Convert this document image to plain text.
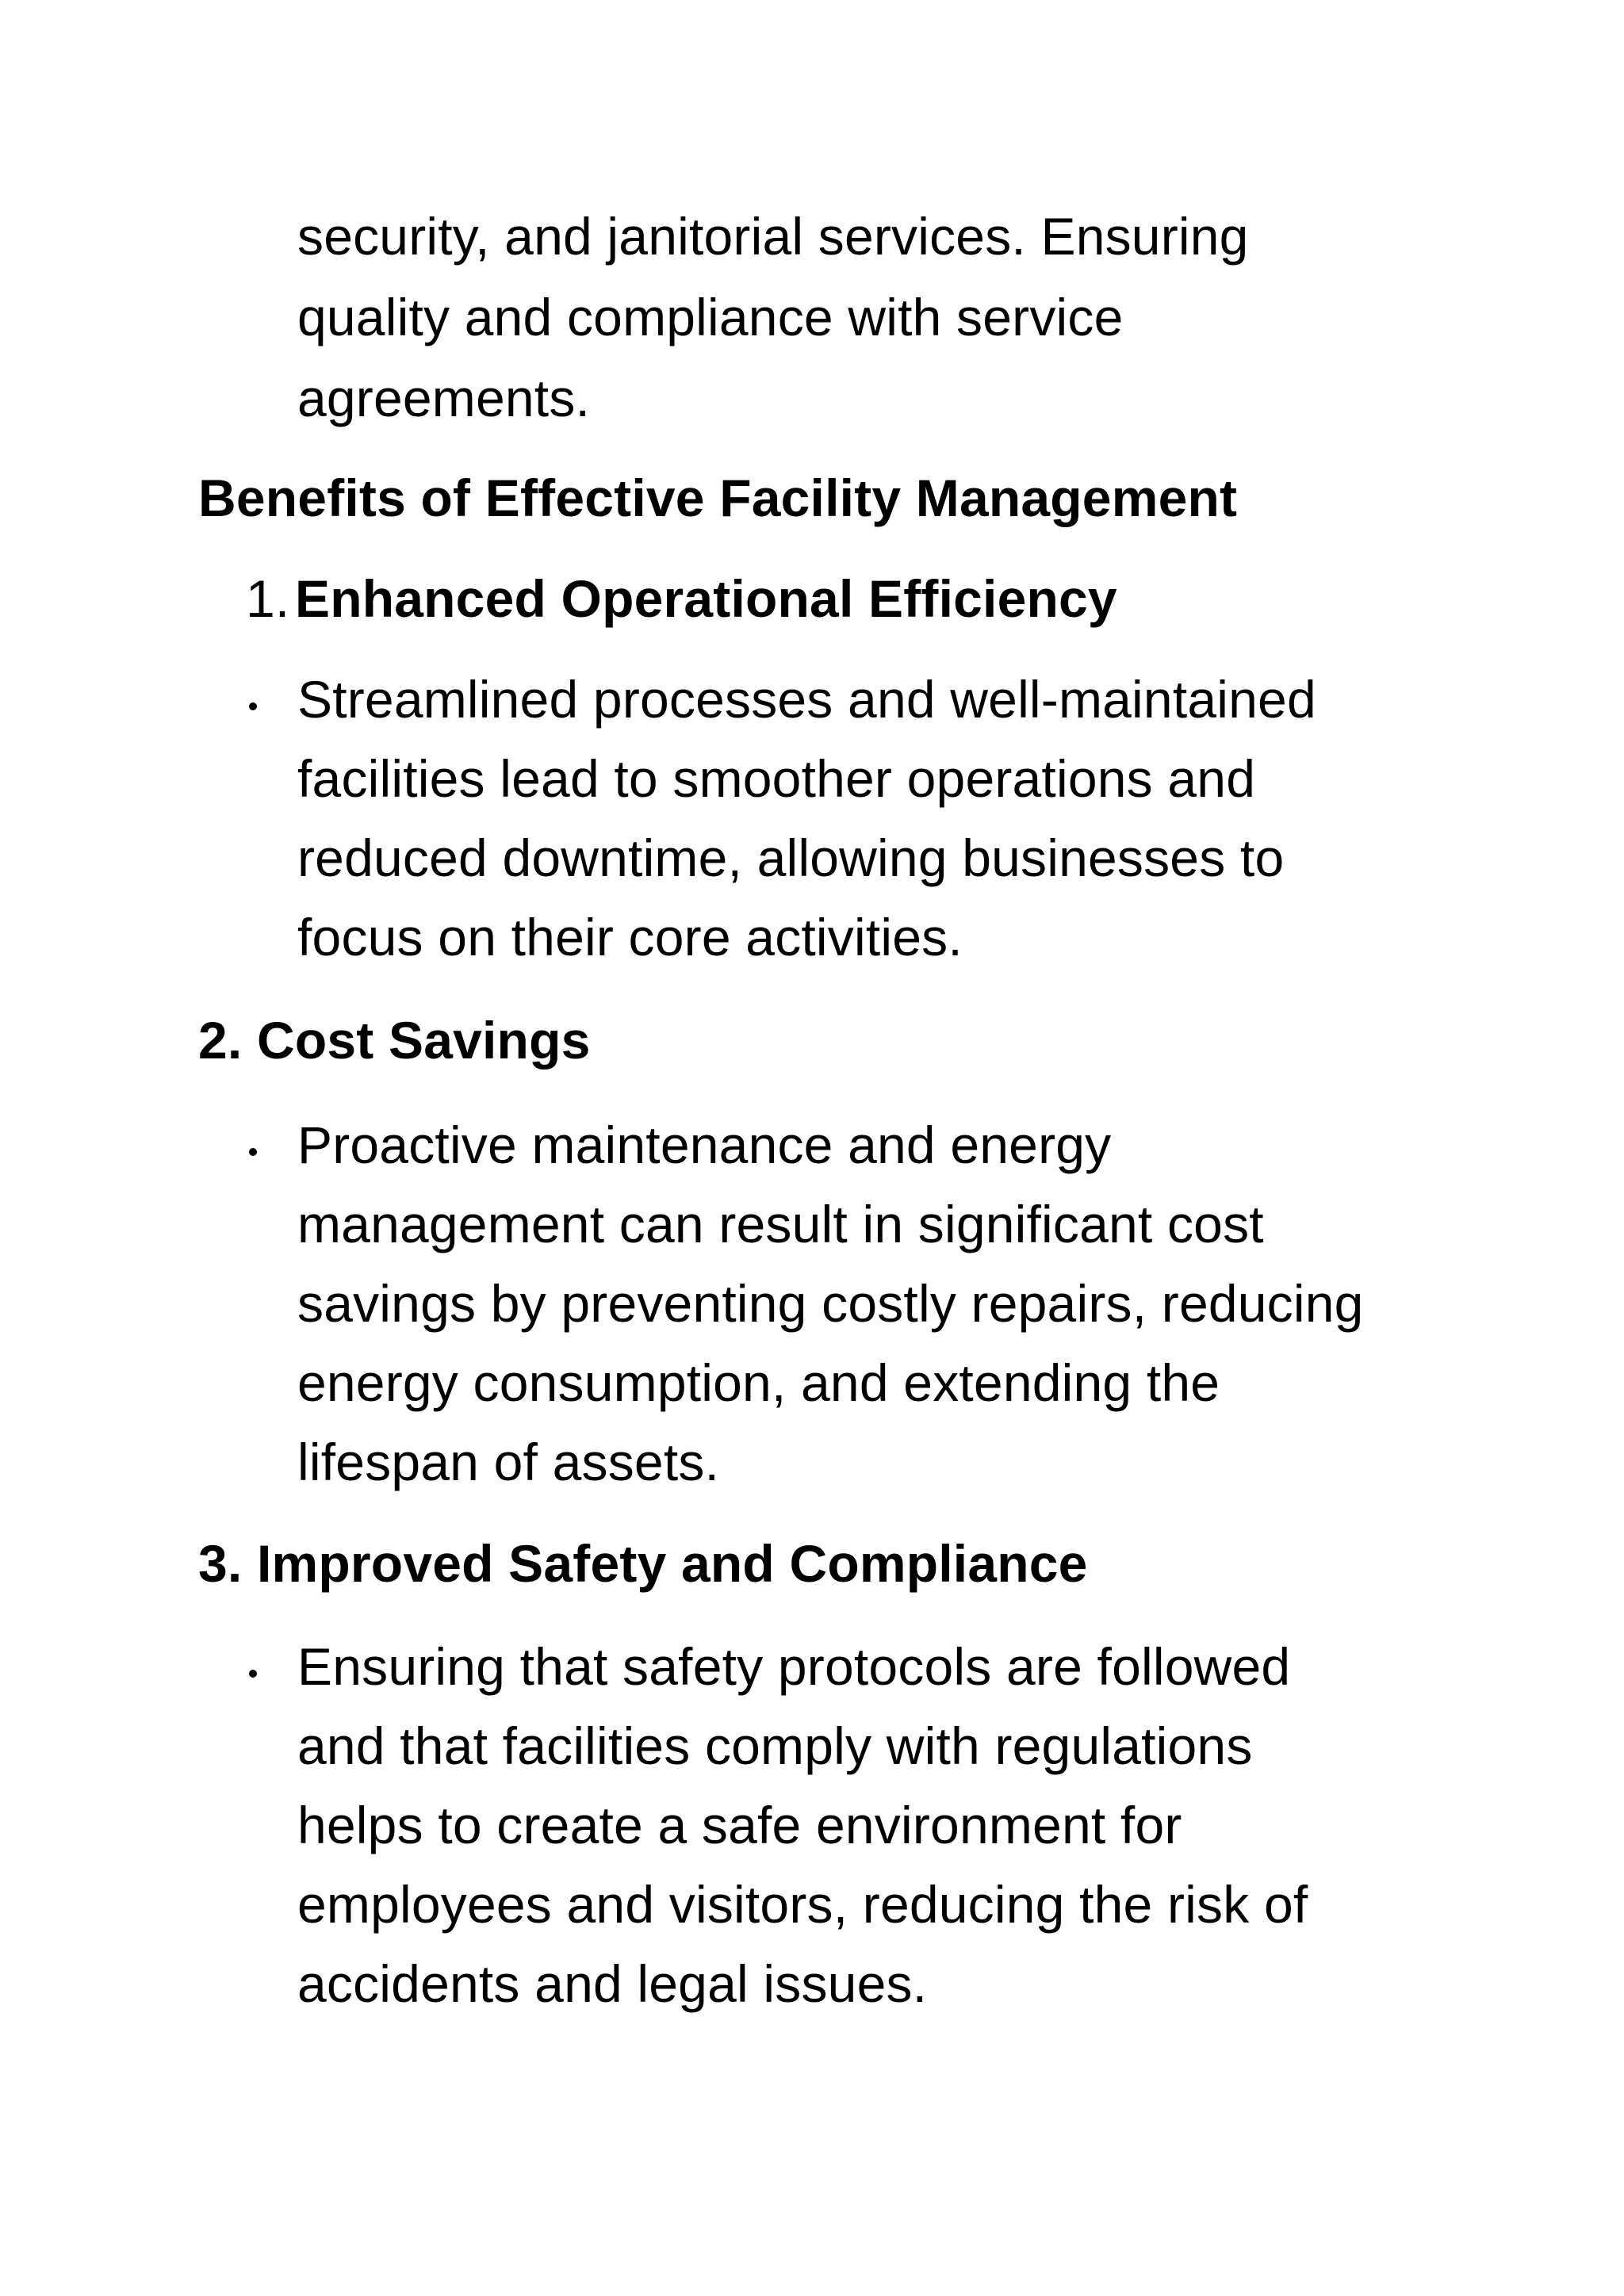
security, and janitorial services. Ensuring
quality and compliance with service
agreements.
Benefits of Effective Facility Management
1.Enhanced Operational Efficiency
Streamlined processes and well-maintained
facilities lead to smoother operations and
reduced downtime, allowing businesses to
focus on their core activities.
2. Cost Savings
Proactive maintenance and energy
management can result in significant cost
savings by preventing costly repairs, reducing
energy consumption, and extending the
lifespan of assets.
3. Improved Safety and Compliance
Ensuring that safety protocols are followed
and that facilities comply with regulations
helps to create a safe environment for
employees and visitors, reducing the risk of
accidents and legal issues.
